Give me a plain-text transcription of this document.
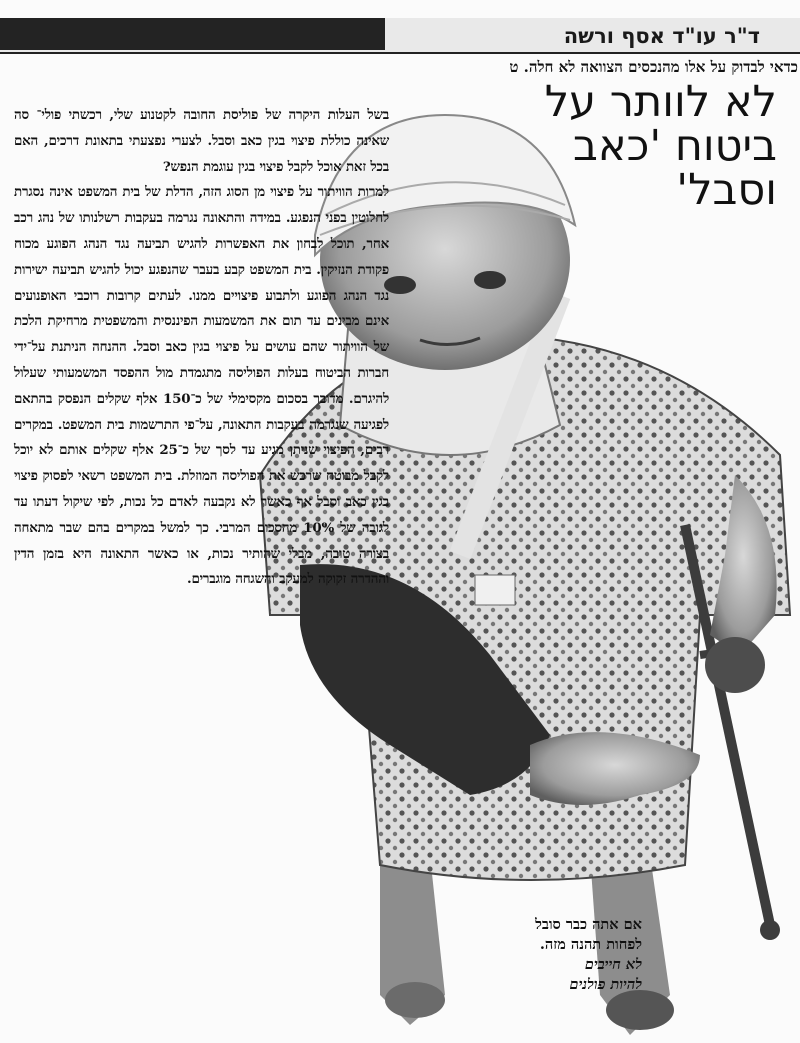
ד"ר עו"ד אסף ורשה
כדאי לבדוק על אלו מהנכסים הצוואה לא חלה. ט
לא לוותר על ביטוח 'כאב וסבל'

בשל העלות היקרה של פוליסת החובה לקטנוע שלי, רכשתי פולי־ סה שאינה כוללת פיצוי בגין כאב וסבל. לצערי נפצעתי בתאונת דרכים, האם בכל זאת אוכל לקבל פיצוי בגין עוגמת הנפש?

למרות הוויתור על פיצוי מן הסוג הזה, הדלת של בית המשפט אינה נסגרת לחלוטין בפני הנפגע. במידה והתאונה נגרמה בעקבות רשלנותו של נהג רכב אחר, תוכל לבחון את האפשרות להגיש תביעה נגד הנהג הפוגע מכוח פקודת הנזיקין. בית המשפט קבע בעבר שהנפגע יכול להגיש תביעה ישירות נגד הנהג הפוגע ולתבוע פיצויים ממנו. לעתים קרובות רוכבי האופנועים אינם מבינים עד תום את המשמעות הפיננסית והמשפטית מרחיקת הלכת של הוויתור שהם עושים על פיצוי בגין כאב וסבל. ההנחה הניתנת על־ידי חברות הביטוח בעלות הפוליסה מתגמדת מול ההפסד המשמעותי שעלול להיגרם. מדובר בסכום מקסימלי של כ־150 אלף שקלים הנפסק בהתאם לפגיעה שנגרמה בעקבות התאונה, על־פי התרשמות בית המשפט. במקרים רבים, הפיצוי שניתן מגיע עד לסך של כ־25 אלף שקלים אותם לא יוכל לקבל מבוטח שרכש את הפוליסה המוזלת. בית המשפט רשאי לפסוק פיצוי בגין כאב וסבל אף כאשר לא נקבעה לאדם כל נכות, לפי שיקול דעתו עד לגובה של 10% מהסכום המרבי. כך למשל במקרים בהם שבר מתאחה בצורה טובה, מבלי שהותיר נכות, או כאשר התאונה היא בזמן הדין וההדרה זקוקה למעקב והשגחה מוגברים.

אם אתה כבר סובל
לפחות תהנה מזה.
לא חייבים
להיות פולנים
